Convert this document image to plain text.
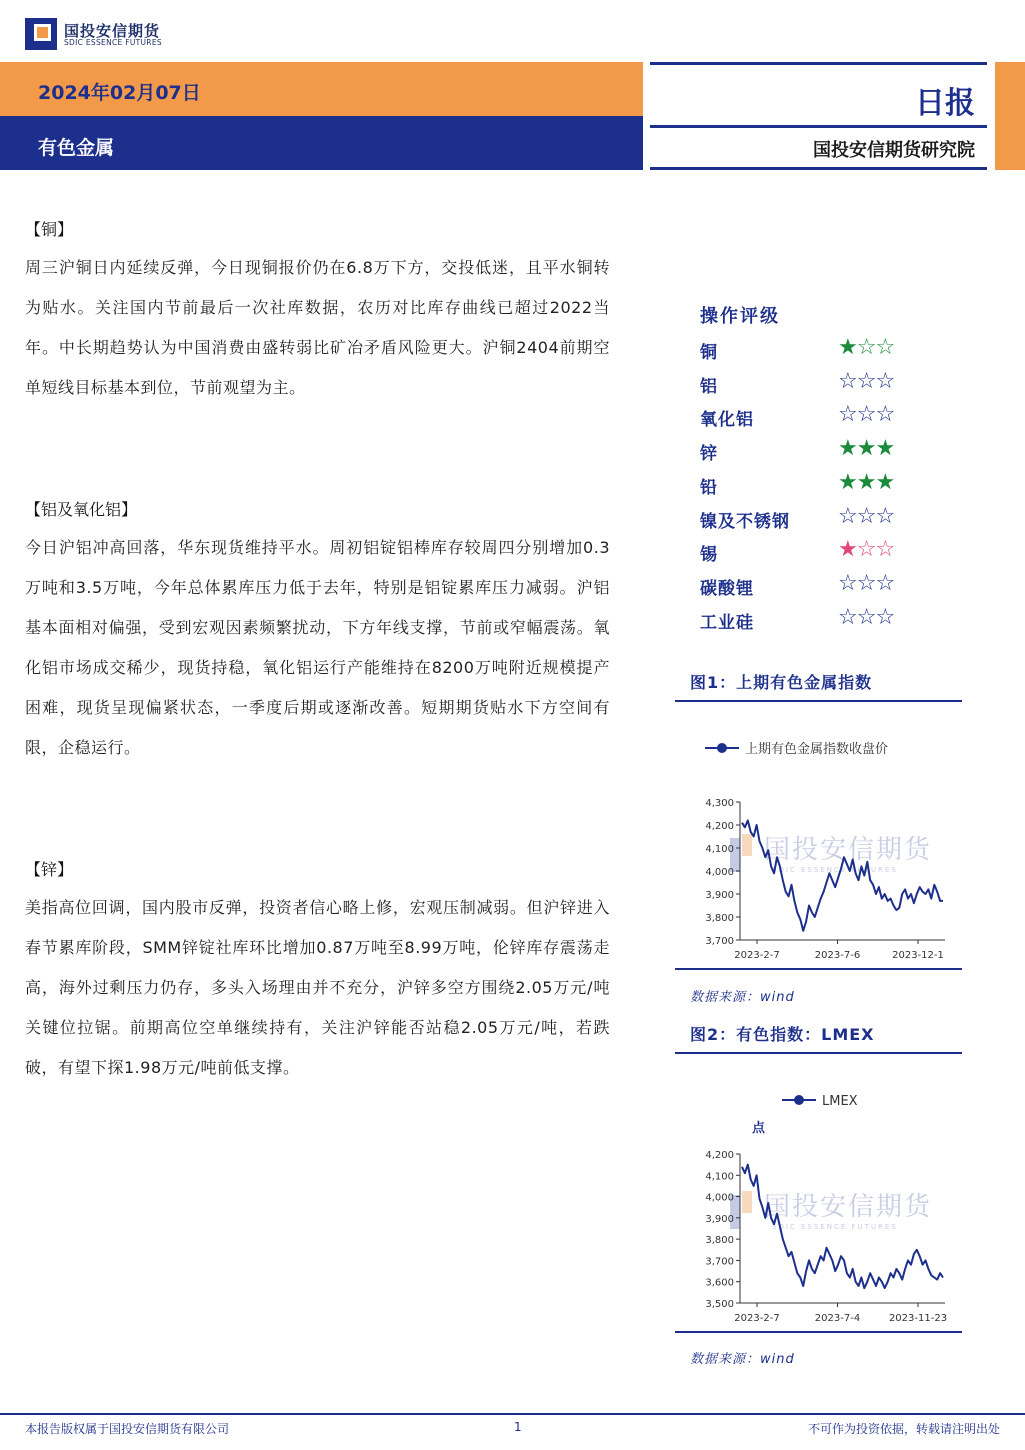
国投安信期货
SDIC ESSENCE FUTURES
2024年02月07日
有色金属
日报
国投安信期货研究院
【铜】
周三沪铜日内延续反弹，今日现铜报价仍在6.8万下方，交投低迷，且平水铜转为贴水。关注国内节前最后一次社库数据，农历对比库存曲线已超过2022当年。中长期趋势认为中国消费由盛转弱比矿冶矛盾风险更大。沪铜2404前期空单短线目标基本到位，节前观望为主。
【铝及氧化铝】
今日沪铝冲高回落，华东现货维持平水。周初铝锭铝棒库存较周四分别增加0.3万吨和3.5万吨，今年总体累库压力低于去年，特别是铝锭累库压力减弱。沪铝基本面相对偏强，受到宏观因素频繁扰动，下方年线支撑，节前或窄幅震荡。氧化铝市场成交稀少，现货持稳，氧化铝运行产能维持在8200万吨附近规模提产困难，现货呈现偏紧状态，一季度后期或逐渐改善。短期期货贴水下方空间有限，企稳运行。
【锌】
美指高位回调，国内股市反弹，投资者信心略上修，宏观压制减弱。但沪锌进入春节累库阶段，SMM锌锭社库环比增加0.87万吨至8.99万吨，伦锌库存震荡走高，海外过剩压力仍存，多头入场理由并不充分，沪锌多空方围绕2.05万元/吨关键位拉锯。前期高位空单继续持有，关注沪锌能否站稳2.05万元/吨，若跌破，有望下探1.98万元/吨前低支撑。
操作评级
铜	★☆☆
铝	☆☆☆
氧化铝	☆☆☆
锌	★★★
铅	★★★
镍及不锈钢 ☆☆☆
锡	★☆☆
碳酸锂	☆☆☆
工业硅	☆☆☆
图1：上期有色金属指数
国投安信期货
SDIC ESSENCE FUTURES
上期有色金属指数收盘价
3,700
3,800
3,900
4,000
4,100
4,200
4,300
2023-2-7	2023-7-6	2023-12-1
数据来源：wind
图2：有色指数：LMEX
国投安信期货
SDIC ESSENCE FUTURES
LMEX
点
3,500
3,600
3,700
3,800
3,900
4,000
4,100
4,200
2023-2-7	2023-7-4	2023-11-23
数据来源：wind
本报告版权属于国投安信期货有限公司	1	不可作为投资依据，转载请注明出处
